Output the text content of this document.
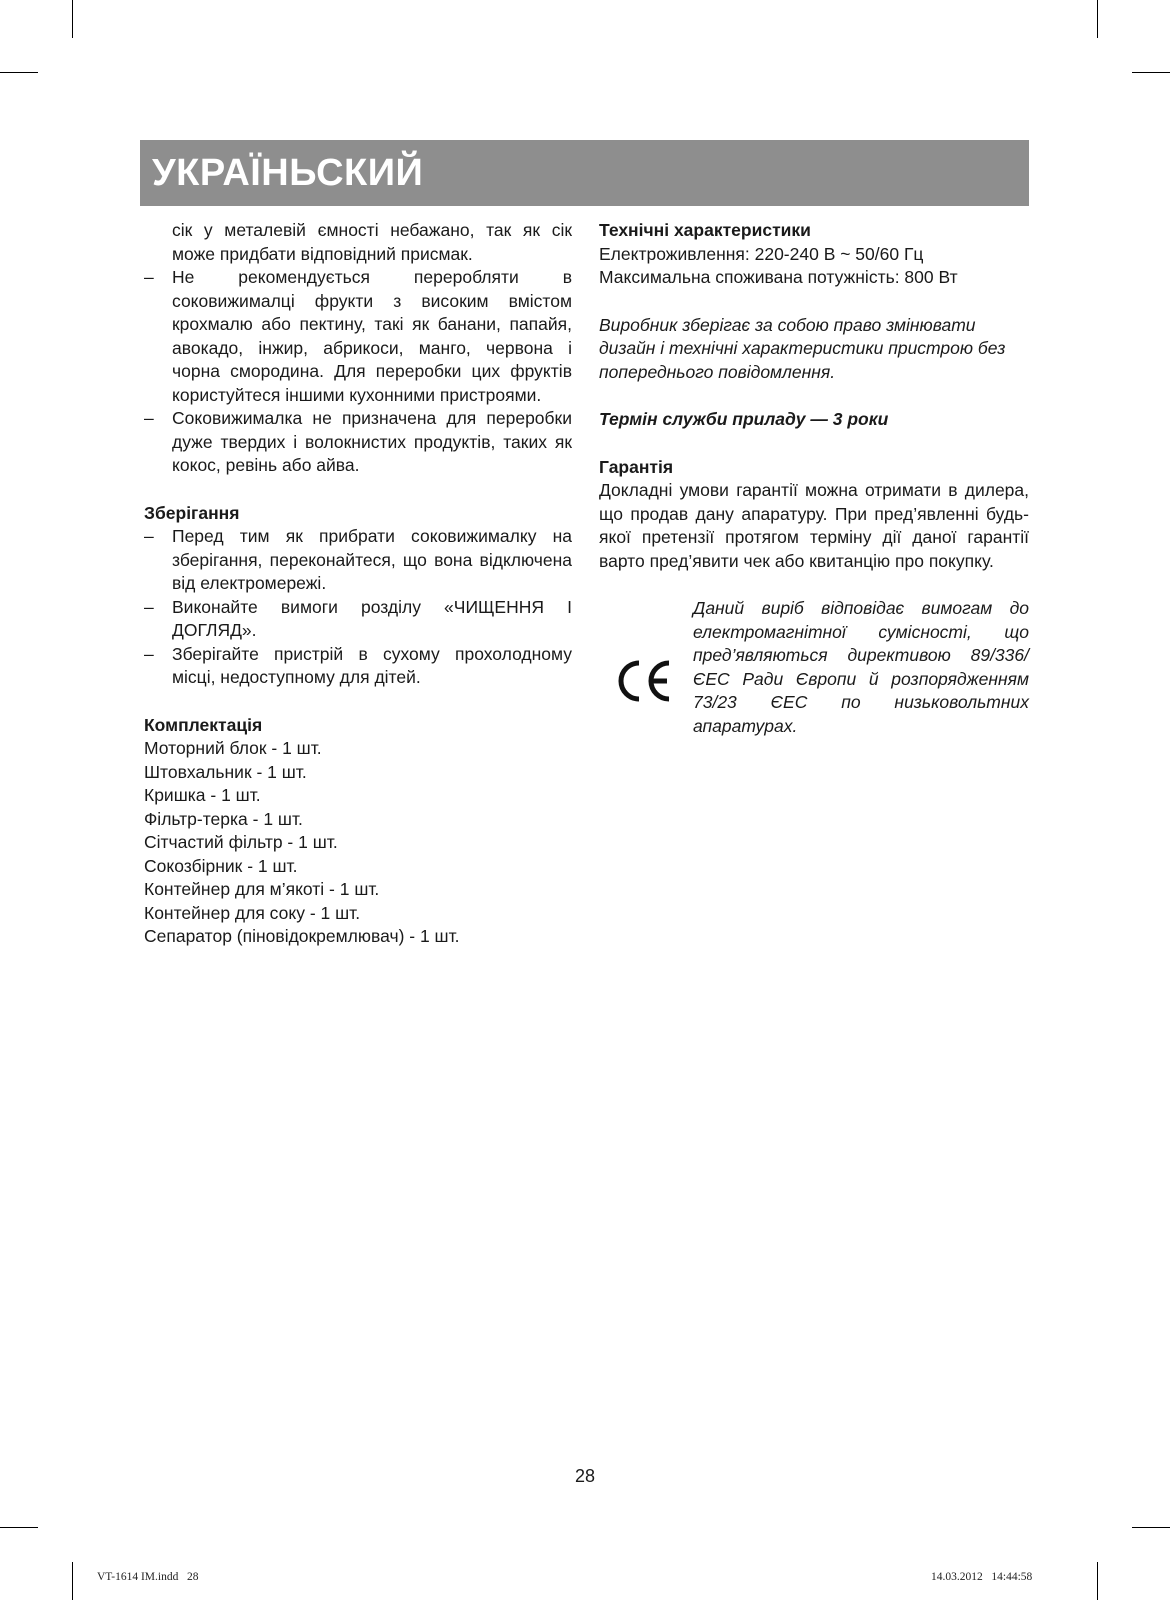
УКРАЇНЬСКИЙ
сік у металевій ємності небажано, так як сік може придбати відповідний присмак.
– Не рекомендується переробляти в соковижималці фрукти з високим вмістом крохмалю або пектину, такі як банани, папайя, авокадо, інжир, абрикоси, манго, червона і чорна смородина. Для переробки цих фруктів користуйтеся іншими кухонними пристроями.
– Соковижималка не призначена для переробки дуже твердих і волокнистих продуктів, таких як кокос, ревінь або айва.
Зберігання
– Перед тим як прибрати соковижималку на зберігання, переконайтеся, що вона відключена від електромережі.
– Виконайте вимоги розділу «ЧИЩЕННЯ І ДОГЛЯД».
– Зберігайте пристрій в сухому прохолодному місці, недоступному для дітей.
Комплектація
Моторний блок - 1 шт.
Штовхальник - 1 шт.
Кришка - 1 шт.
Фільтр-терка - 1 шт.
Сітчастий фільтр - 1 шт.
Сокозбірник - 1 шт.
Контейнер для м’якоті - 1 шт.
Контейнер для соку - 1 шт.
Сепаратор (піновідокремлювач) - 1 шт.
Технічні характеристики
Електроживлення: 220-240 В ~ 50/60 Гц
Максимальна споживана потужність: 800 Вт
Виробник зберігає за собою право змінювати дизайн і технічні характеристики пристрою без попереднього повідомлення.
Термін служби приладу — 3 роки
Гарантія
Докладні умови гарантії можна отримати в дилера, що продав дану апаратуру. При пред’явленні будь-якої претензії протягом терміну дії даної гарантії варто пред’явити чек або квитанцію про покупку.
Даний виріб відповідає вимогам до електромагнітної сумісності, що пред’являються директивою 89/336/ЄЕС Ради Європи й розпорядженням 73/23 ЄЕС по низьковольтних апаратурах.
28
VT-1614 IM.indd   28	14.03.2012   14:44:58
